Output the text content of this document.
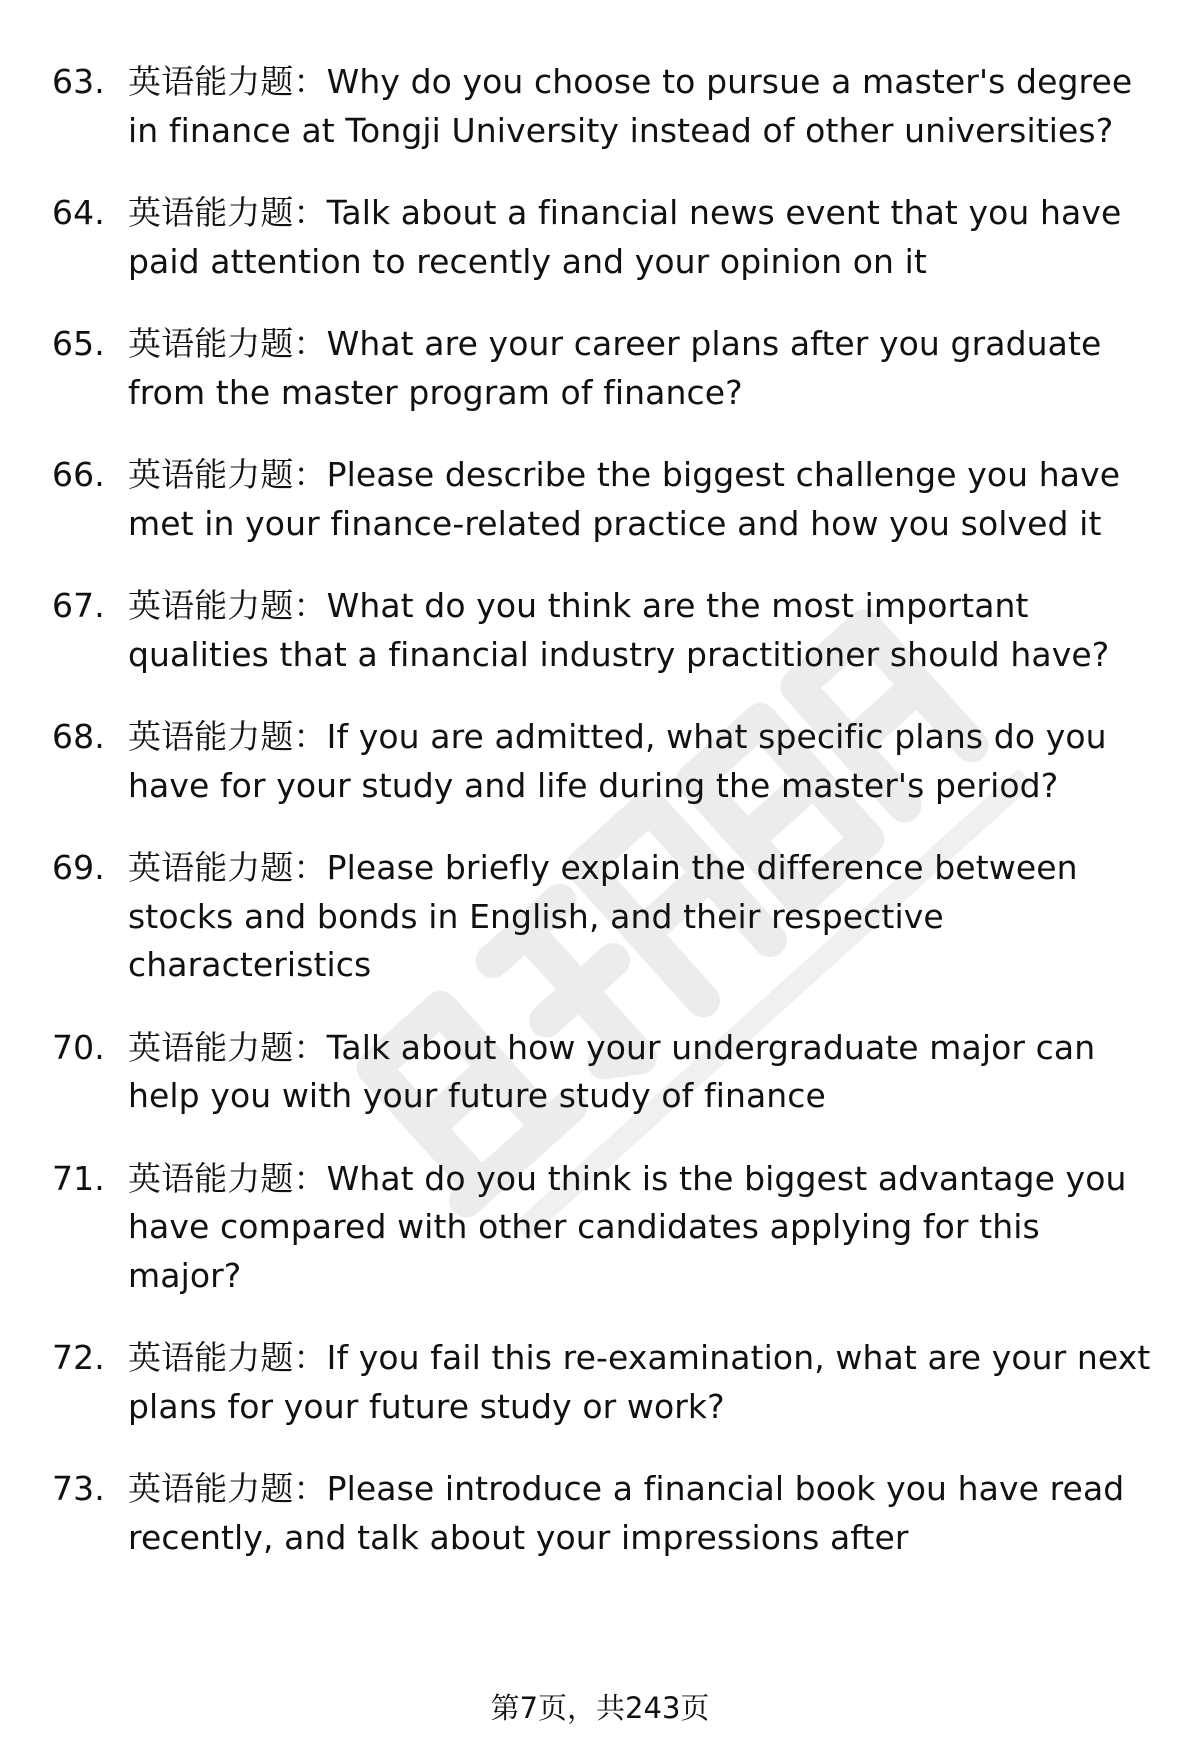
63. 英语能力题：Why do you choose to pursue a master's degree in finance at Tongji University instead of other universities?
64. 英语能力题：Talk about a financial news event that you have paid attention to recently and your opinion on it
65. 英语能力题：What are your career plans after you graduate from the master program of finance?
66. 英语能力题：Please describe the biggest challenge you have met in your finance-related practice and how you solved it
67. 英语能力题：What do you think are the most important qualities that a financial industry practitioner should have?
68. 英语能力题：If you are admitted, what specific plans do you have for your study and life during the master's period?
69. 英语能力题：Please briefly explain the difference between stocks and bonds in English, and their respective characteristics
70. 英语能力题：Talk about how your undergraduate major can help you with your future study of finance
71. 英语能力题：What do you think is the biggest advantage you have compared with other candidates applying for this major?
72. 英语能力题：If you fail this re-examination, what are your next plans for your future study or work?
73. 英语能力题：Please introduce a financial book you have read recently, and talk about your impressions after
第7页，共243页
